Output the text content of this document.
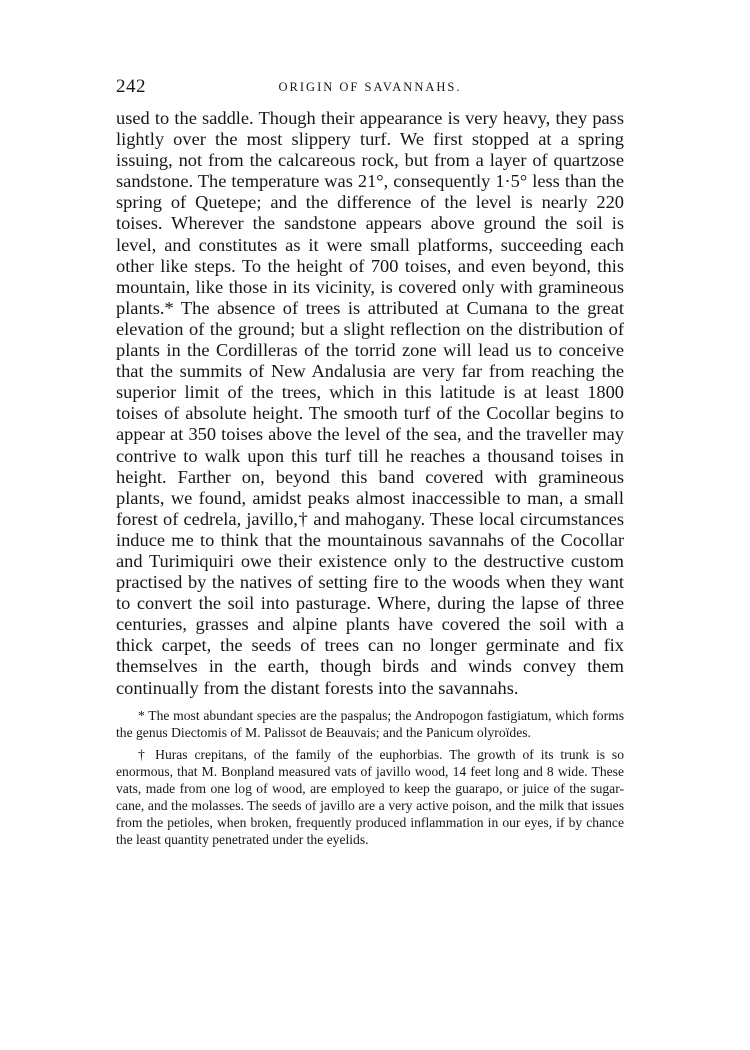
242	ORIGIN OF SAVANNAHS.

used to the saddle. Though their appearance is very heavy, they pass lightly over the most slippery turf. We first stopped at a spring issuing, not from the calcareous rock, but from a layer of quartzose sandstone. The temperature was 21°, consequently 1·5° less than the spring of Quetepe; and the difference of the level is nearly 220 toises. Wherever the sandstone appears above ground the soil is level, and constitutes as it were small platforms, succeeding each other like steps. To the height of 700 toises, and even beyond, this mountain, like those in its vicinity, is covered only with gramineous plants.* The absence of trees is attributed at Cumana to the great elevation of the ground; but a slight reflection on the distribution of plants in the Cordilleras of the torrid zone will lead us to conceive that the summits of New Andalusia are very far from reaching the superior limit of the trees, which in this latitude is at least 1800 toises of absolute height. The smooth turf of the Cocollar begins to appear at 350 toises above the level of the sea, and the traveller may contrive to walk upon this turf till he reaches a thousand toises in height. Farther on, beyond this band covered with gramineous plants, we found, amidst peaks almost inaccessible to man, a small forest of cedrela, javillo,† and mahogany. These local circumstances induce me to think that the mountainous savannahs of the Cocollar and Turimiquiri owe their existence only to the destructive custom practised by the natives of setting fire to the woods when they want to convert the soil into pasturage. Where, during the lapse of three centuries, grasses and alpine plants have covered the soil with a thick carpet, the seeds of trees can no longer germinate and fix themselves in the earth, though birds and winds convey them continually from the distant forests into the savannahs.

* The most abundant species are the paspalus; the Andropogon fastigiatum, which forms the genus Diectomis of M. Palissot de Beauvais; and the Panicum olyroïdes.

† Huras crepitans, of the family of the euphorbias. The growth of its trunk is so enormous, that M. Bonpland measured vats of javillo wood, 14 feet long and 8 wide. These vats, made from one log of wood, are employed to keep the guarapo, or juice of the sugar-cane, and the molasses. The seeds of javillo are a very active poison, and the milk that issues from the petioles, when broken, frequently produced inflammation in our eyes, if by chance the least quantity penetrated under the eyelids.
